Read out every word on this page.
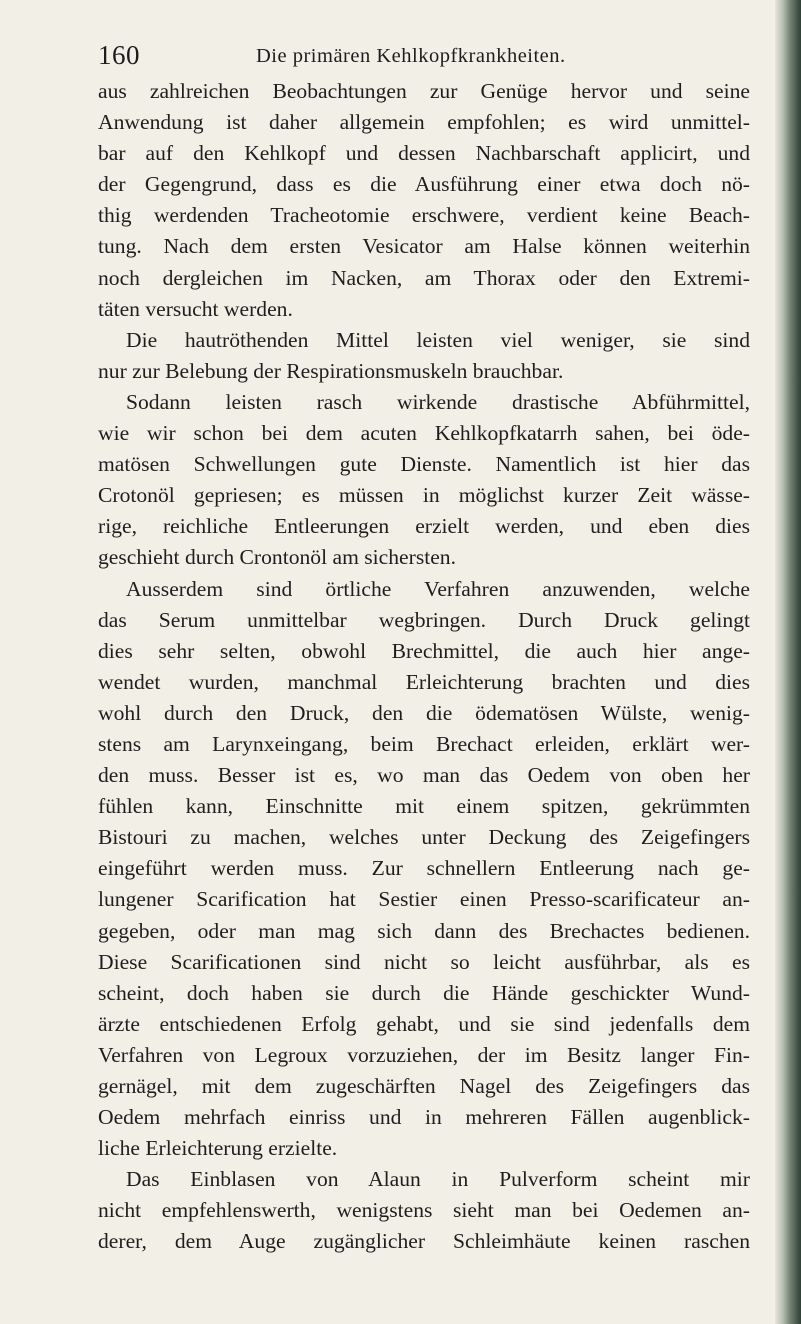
160	Die primären Kehlkopfkrankheiten.
aus zahlreichen Beobachtungen zur Genüge hervor und seine
Anwendung ist daher allgemein empfohlen; es wird unmittel-
bar auf den Kehlkopf und dessen Nachbarschaft applicirt, und
der Gegengrund, dass es die Ausführung einer etwa doch nö-
thig werdenden Tracheotomie erschwere, verdient keine Beach-
tung. Nach dem ersten Vesicator am Halse können weiterhin
noch dergleichen im Nacken, am Thorax oder den Extremi-
täten versucht werden.
Die hautröthenden Mittel leisten viel weniger, sie sind
nur zur Belebung der Respirationsmuskeln brauchbar.
Sodann leisten rasch wirkende drastische Abführmittel,
wie wir schon bei dem acuten Kehlkopfkatarrh sahen, bei öde-
matösen Schwellungen gute Dienste. Namentlich ist hier das
Crotonöl gepriesen; es müssen in möglichst kurzer Zeit wässe-
rige, reichliche Entleerungen erzielt werden, und eben dies
geschieht durch Crontonöl am sichersten.
Ausserdem sind örtliche Verfahren anzuwenden, welche
das Serum unmittelbar wegbringen. Durch Druck gelingt
dies sehr selten, obwohl Brechmittel, die auch hier ange-
wendet wurden, manchmal Erleichterung brachten und dies
wohl durch den Druck, den die ödematösen Wülste, wenig-
stens am Larynxeingang, beim Brechact erleiden, erklärt wer-
den muss. Besser ist es, wo man das Oedem von oben her
fühlen kann, Einschnitte mit einem spitzen, gekrümmten
Bistouri zu machen, welches unter Deckung des Zeigefingers
eingeführt werden muss. Zur schnellern Entleerung nach ge-
lungener Scarification hat Sestier einen Presso-scarificateur an-
gegeben, oder man mag sich dann des Brechactes bedienen.
Diese Scarificationen sind nicht so leicht ausführbar, als es
scheint, doch haben sie durch die Hände geschickter Wund-
ärzte entschiedenen Erfolg gehabt, und sie sind jedenfalls dem
Verfahren von Legroux vorzuziehen, der im Besitz langer Fin-
gernägel, mit dem zugeschärften Nagel des Zeigefingers das
Oedem mehrfach einriss und in mehreren Fällen augenblick-
liche Erleichterung erzielte.
Das Einblasen von Alaun in Pulverform scheint mir
nicht empfehlenswerth, wenigstens sieht man bei Oedemen an-
derer, dem Auge zugänglicher Schleimhäute keinen raschen
